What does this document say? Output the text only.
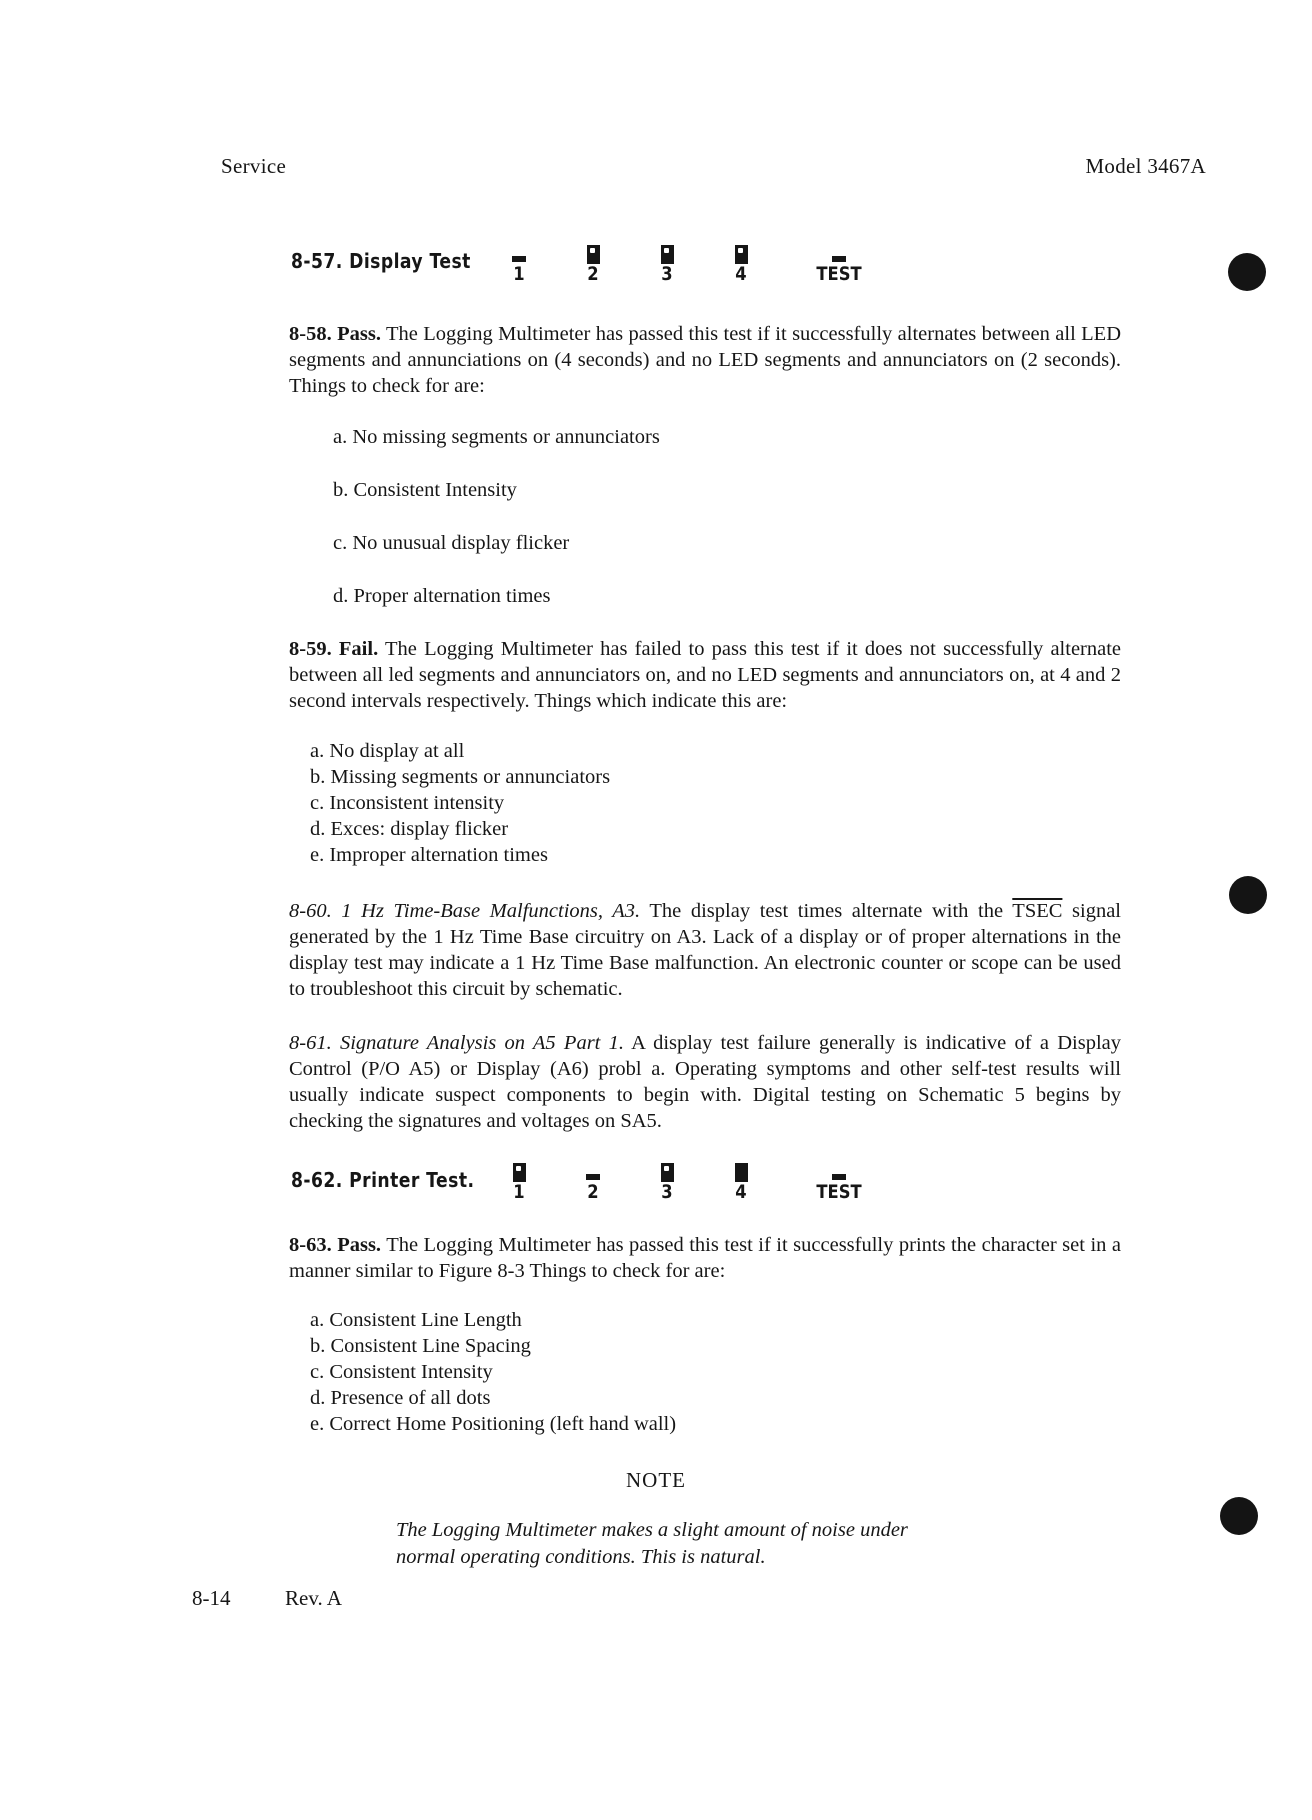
Service	Model 3467A
8-57. Display Test
1	2	3	4	TEST
8-58. Pass. The Logging Multimeter has passed this test if it successfully alternates between all LED segments and annunciations on (4 seconds) and no LED segments and annunciators on (2 seconds). Things to check for are:
a. No missing segments or annunciators
b. Consistent Intensity
c. No unusual display flicker
d. Proper alternation times
8-59. Fail. The Logging Multimeter has failed to pass this test if it does not successfully alternate between all led segments and annunciators on, and no LED segments and annunciators on, at 4 and 2 second intervals respectively. Things which indicate this are:
a. No display at all
b. Missing segments or annunciators
c. Inconsistent intensity
d. Exces: display flicker
e. Improper alternation times
8-60. 1 Hz Time-Base Malfunctions, A3. The display test times alternate with the TSEC signal generated by the 1 Hz Time Base circuitry on A3. Lack of a display or of proper alternations in the display test may indicate a 1 Hz Time Base malfunction. An electronic counter or scope can be used to troubleshoot this circuit by schematic.
8-61. Signature Analysis on A5 Part 1. A display test failure generally is indicative of a Display Control (P/O A5) or Display (A6) probl a. Operating symptoms and other self-test results will usually indicate suspect components to begin with. Digital testing on Schematic 5 begins by checking the signatures and voltages on SA5.
8-62. Printer Test.	1	2	3	4	TEST
8-63. Pass. The Logging Multimeter has passed this test if it successfully prints the character set in a manner similar to Figure 8-3 Things to check for are:
a. Consistent Line Length
b. Consistent Line Spacing
c. Consistent Intensity
d. Presence of all dots
e. Correct Home Positioning (left hand wall)
NOTE
The Logging Multimeter makes a slight amount of noise under
normal operating conditions. This is natural.
8-14	Rev. A
